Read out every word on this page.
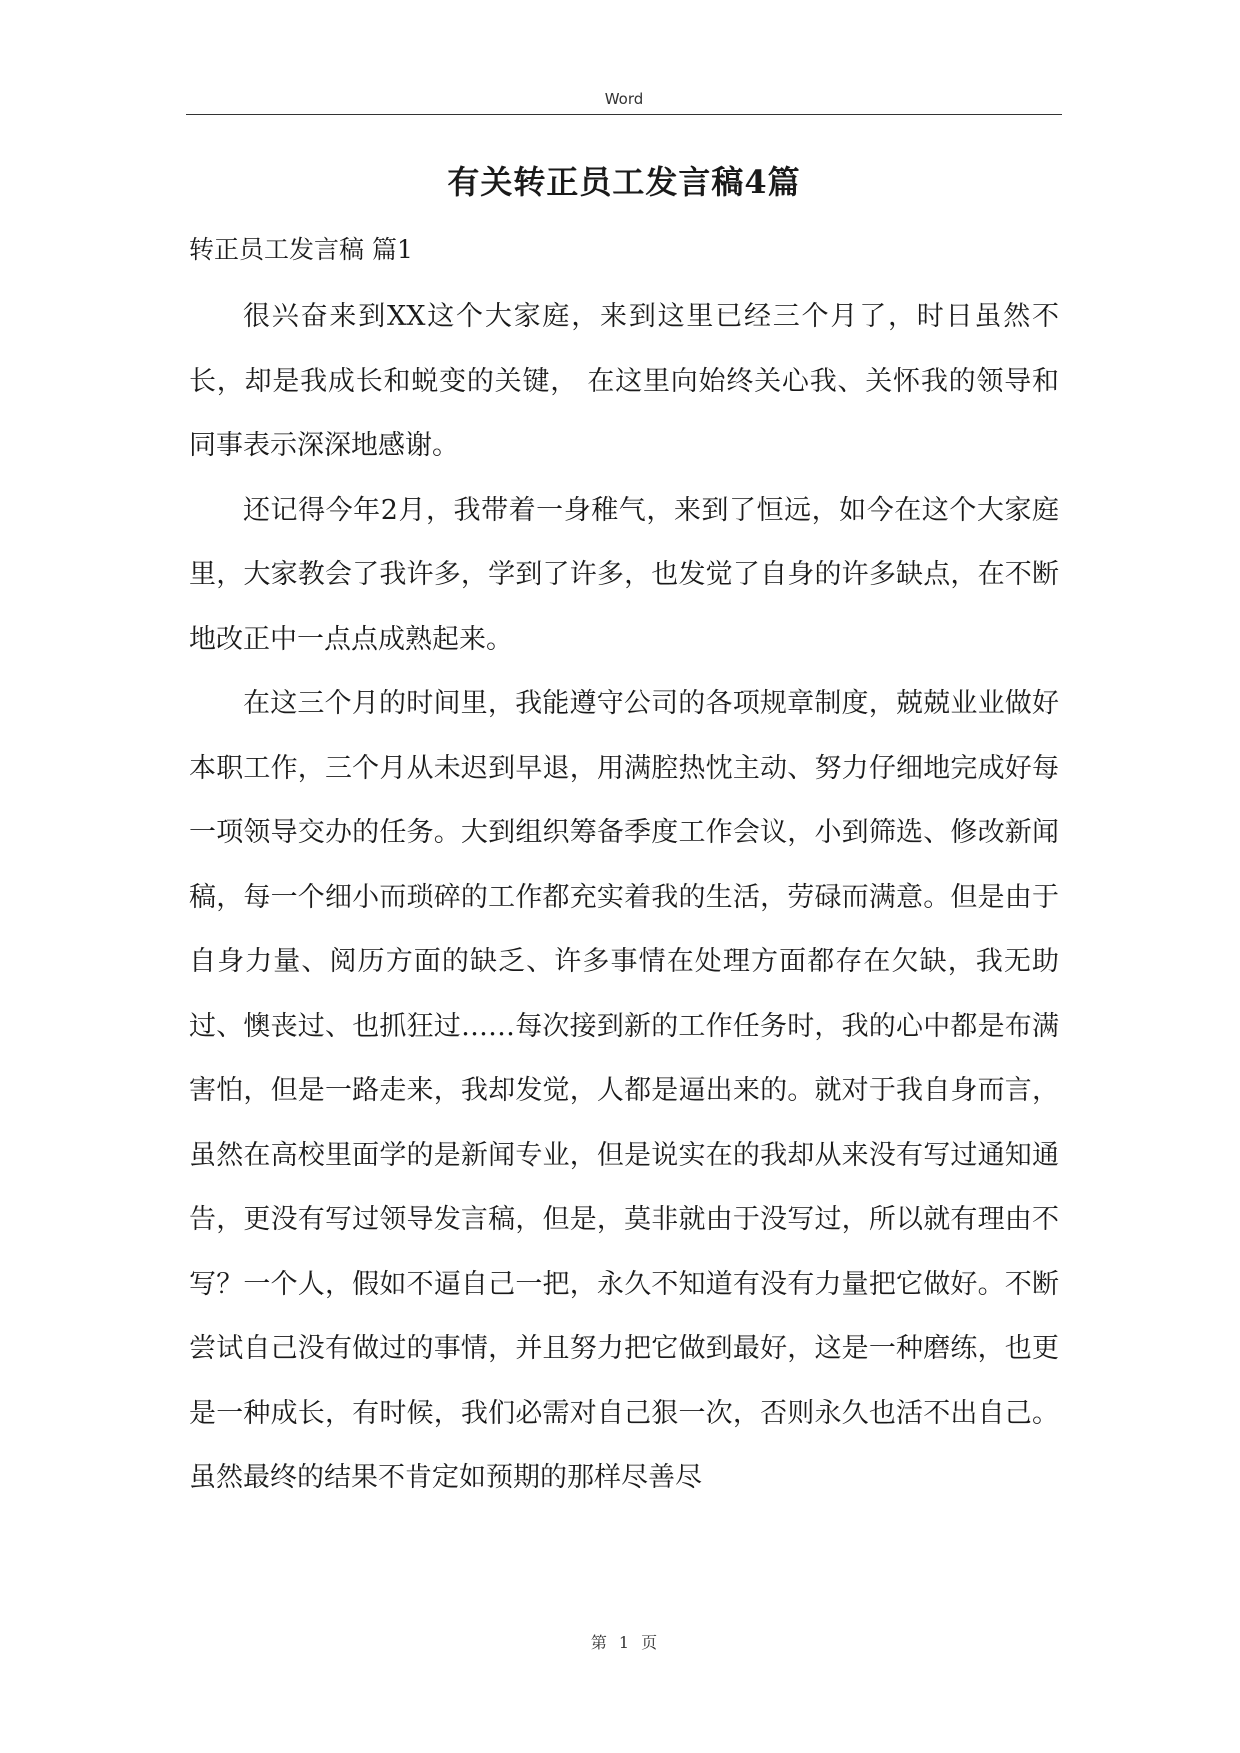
Word
有关转正员工发言稿4篇
转正员工发言稿 篇1

很兴奋来到XX这个大家庭，来到这里已经三个月了，时日虽然不长，却是我成长和蜕变的关键， 在这里向始终关心我、关怀我的领导和同事表示深深地感谢。

还记得今年2月，我带着一身稚气，来到了恒远，如今在这个大家庭里，大家教会了我许多，学到了许多，也发觉了自身的许多缺点，在不断地改正中一点点成熟起来。

在这三个月的时间里，我能遵守公司的各项规章制度，兢兢业业做好本职工作，三个月从未迟到早退，用满腔热忱主动、努力仔细地完成好每一项领导交办的任务。大到组织筹备季度工作会议，小到筛选、修改新闻稿，每一个细小而琐碎的工作都充实着我的生活，劳碌而满意。但是由于自身力量、阅历方面的缺乏、许多事情在处理方面都存在欠缺，我无助过、懊丧过、也抓狂过……每次接到新的工作任务时，我的心中都是布满害怕，但是一路走来，我却发觉，人都是逼出来的。就对于我自身而言，虽然在高校里面学的是新闻专业，但是说实在的我却从来没有写过通知通告，更没有写过领导发言稿，但是，莫非就由于没写过，所以就有理由不写？一个人，假如不逼自己一把，永久不知道有没有力量把它做好。不断尝试自己没有做过的事情，并且努力把它做到最好，这是一种磨练，也更是一种成长，有时候，我们必需对自己狠一次，否则永久也活不出自己。虽然最终的结果不肯定如预期的那样尽善尽

第 1 页
